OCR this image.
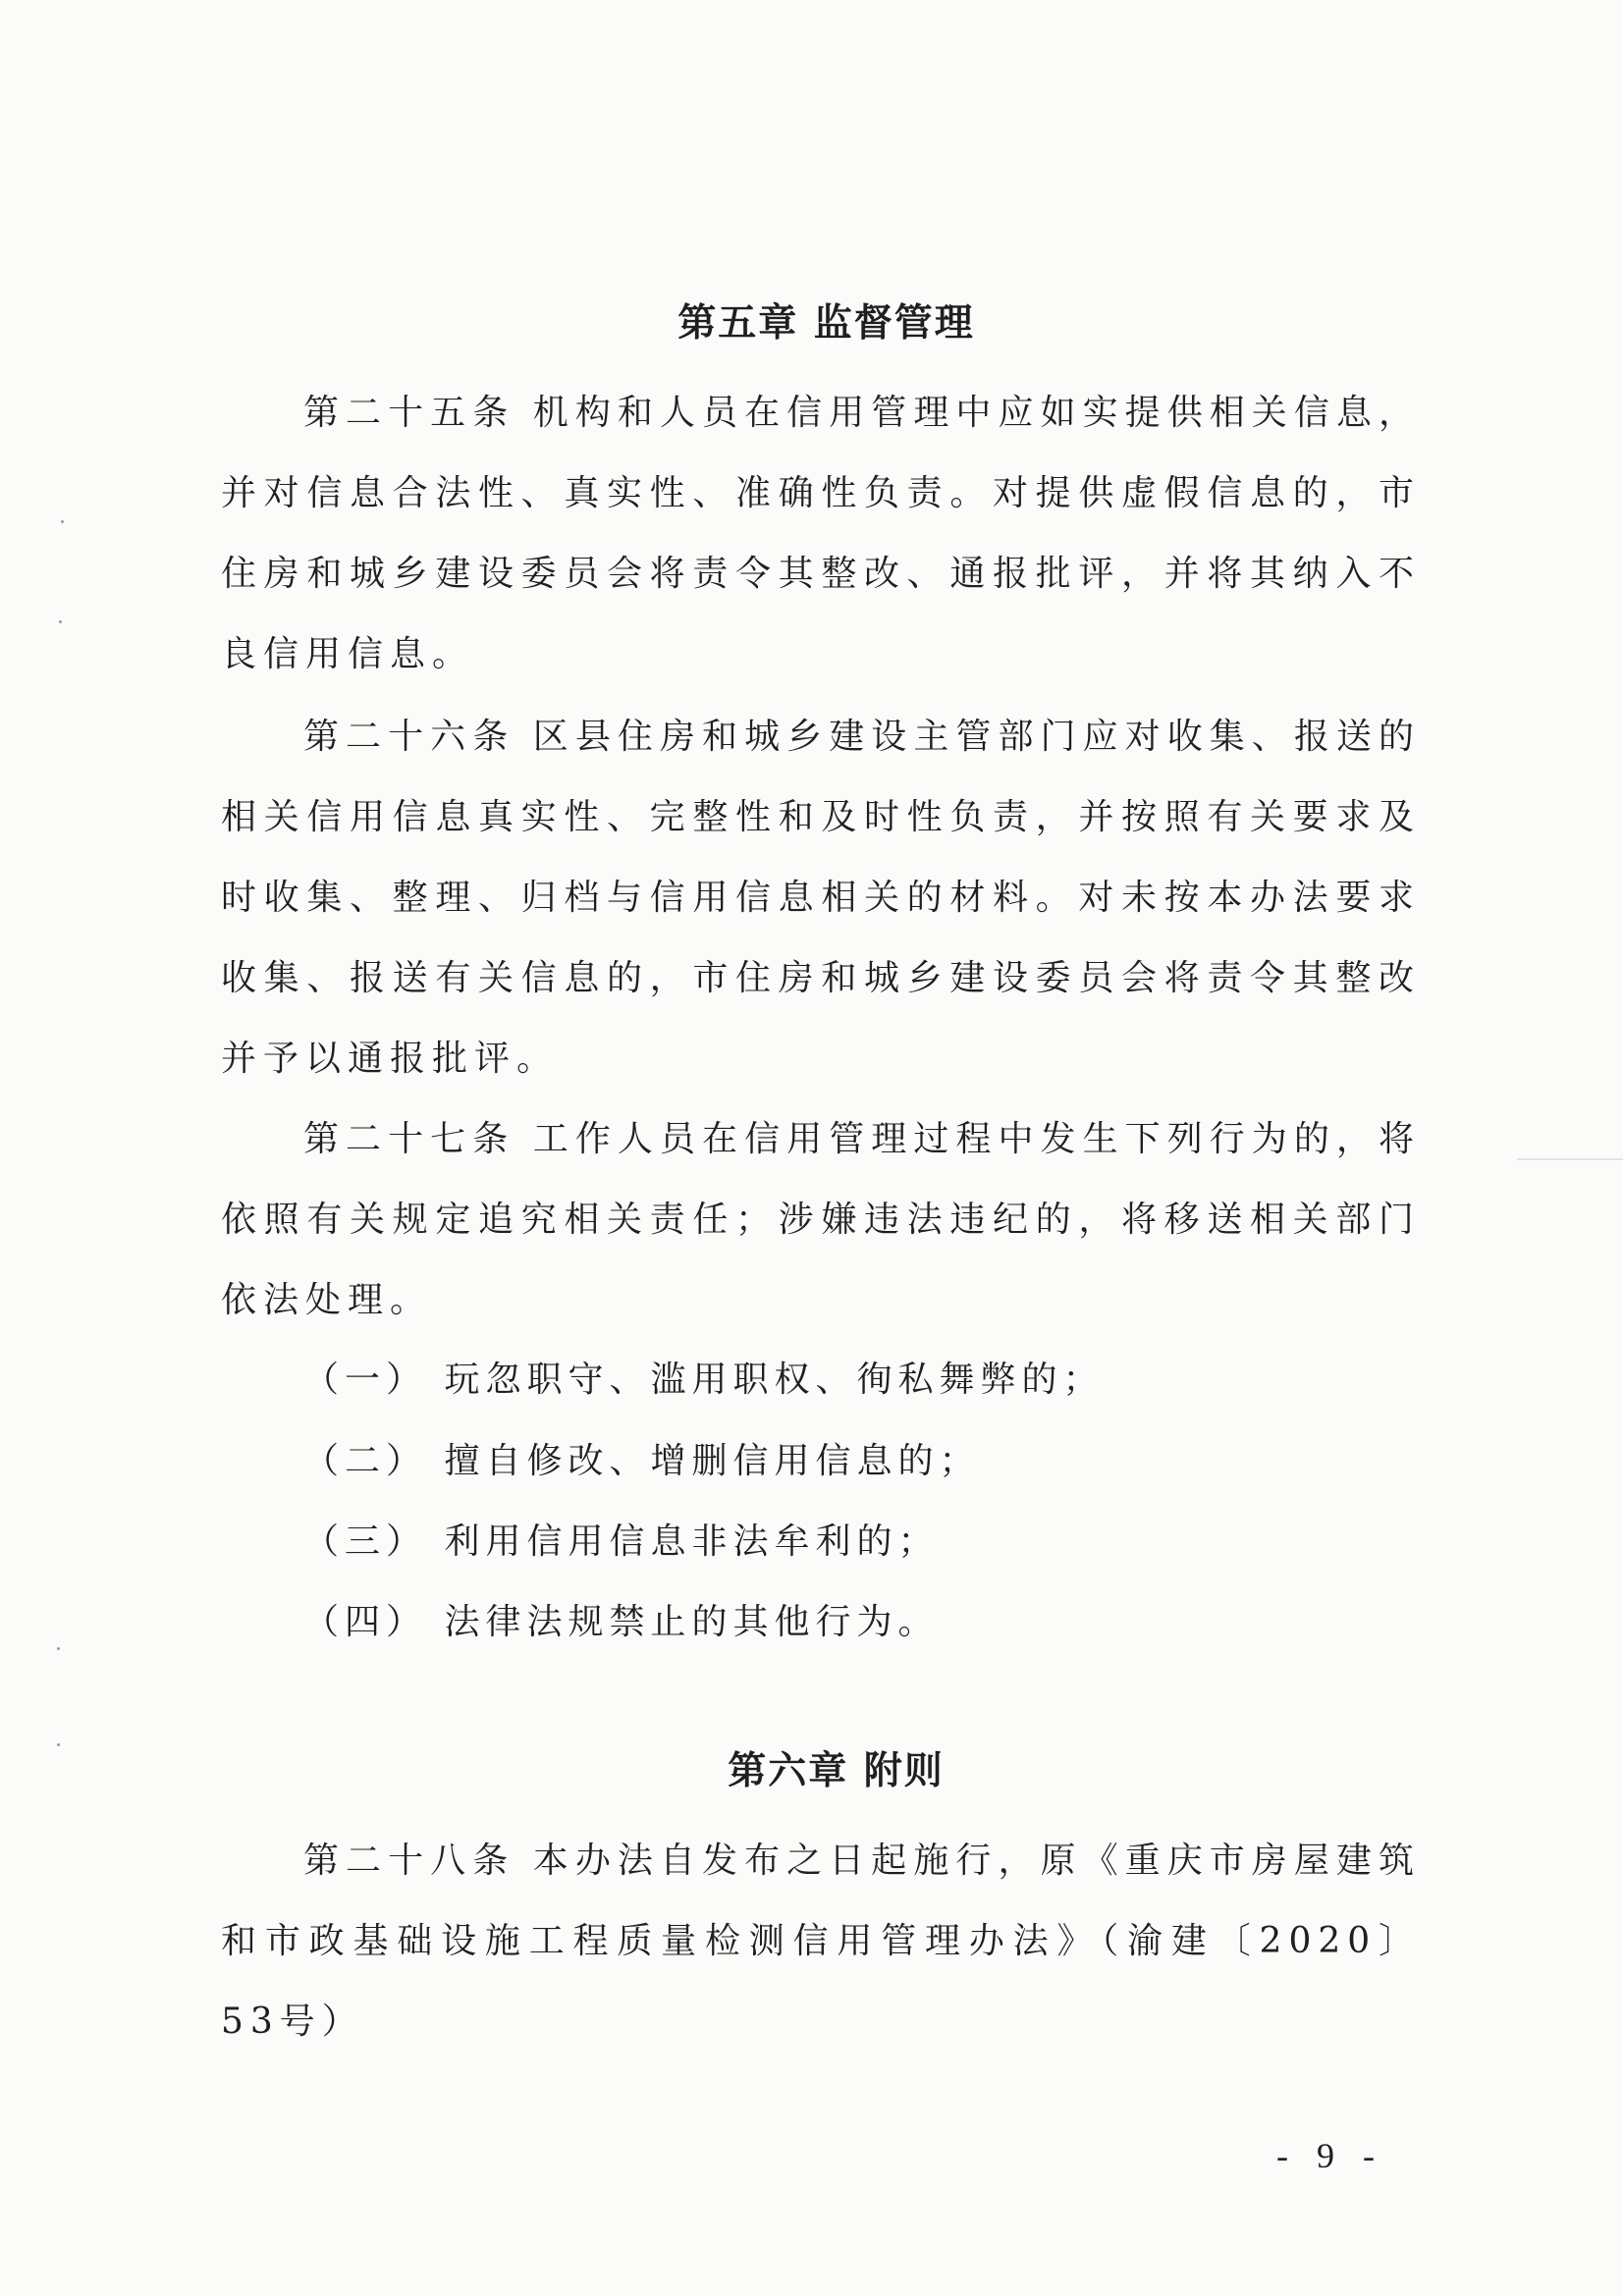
第五章 监督管理

第二十五条 机构和人员在信用管理中应如实提供相关信息，并对信息合法性、真实性、准确性负责。对提供虚假信息的，市住房和城乡建设委员会将责令其整改、通报批评，并将其纳入不良信用信息。

第二十六条 区县住房和城乡建设主管部门应对收集、报送的相关信用信息真实性、完整性和及时性负责，并按照有关要求及时收集、整理、归档与信用信息相关的材料。对未按本办法要求收集、报送有关信息的，市住房和城乡建设委员会将责令其整改并予以通报批评。

第二十七条 工作人员在信用管理过程中发生下列行为的，将依照有关规定追究相关责任；涉嫌违法违纪的，将移送相关部门依法处理。

（一） 玩忽职守、滥用职权、徇私舞弊的；

（二） 擅自修改、增删信用信息的；

（三） 利用信用信息非法牟利的；

（四） 法律法规禁止的其他行为。

第六章 附则

第二十八条 本办法自发布之日起施行，原《重庆市房屋建筑和市政基础设施工程质量检测信用管理办法》（渝建〔2020〕53号）

- 9 -
